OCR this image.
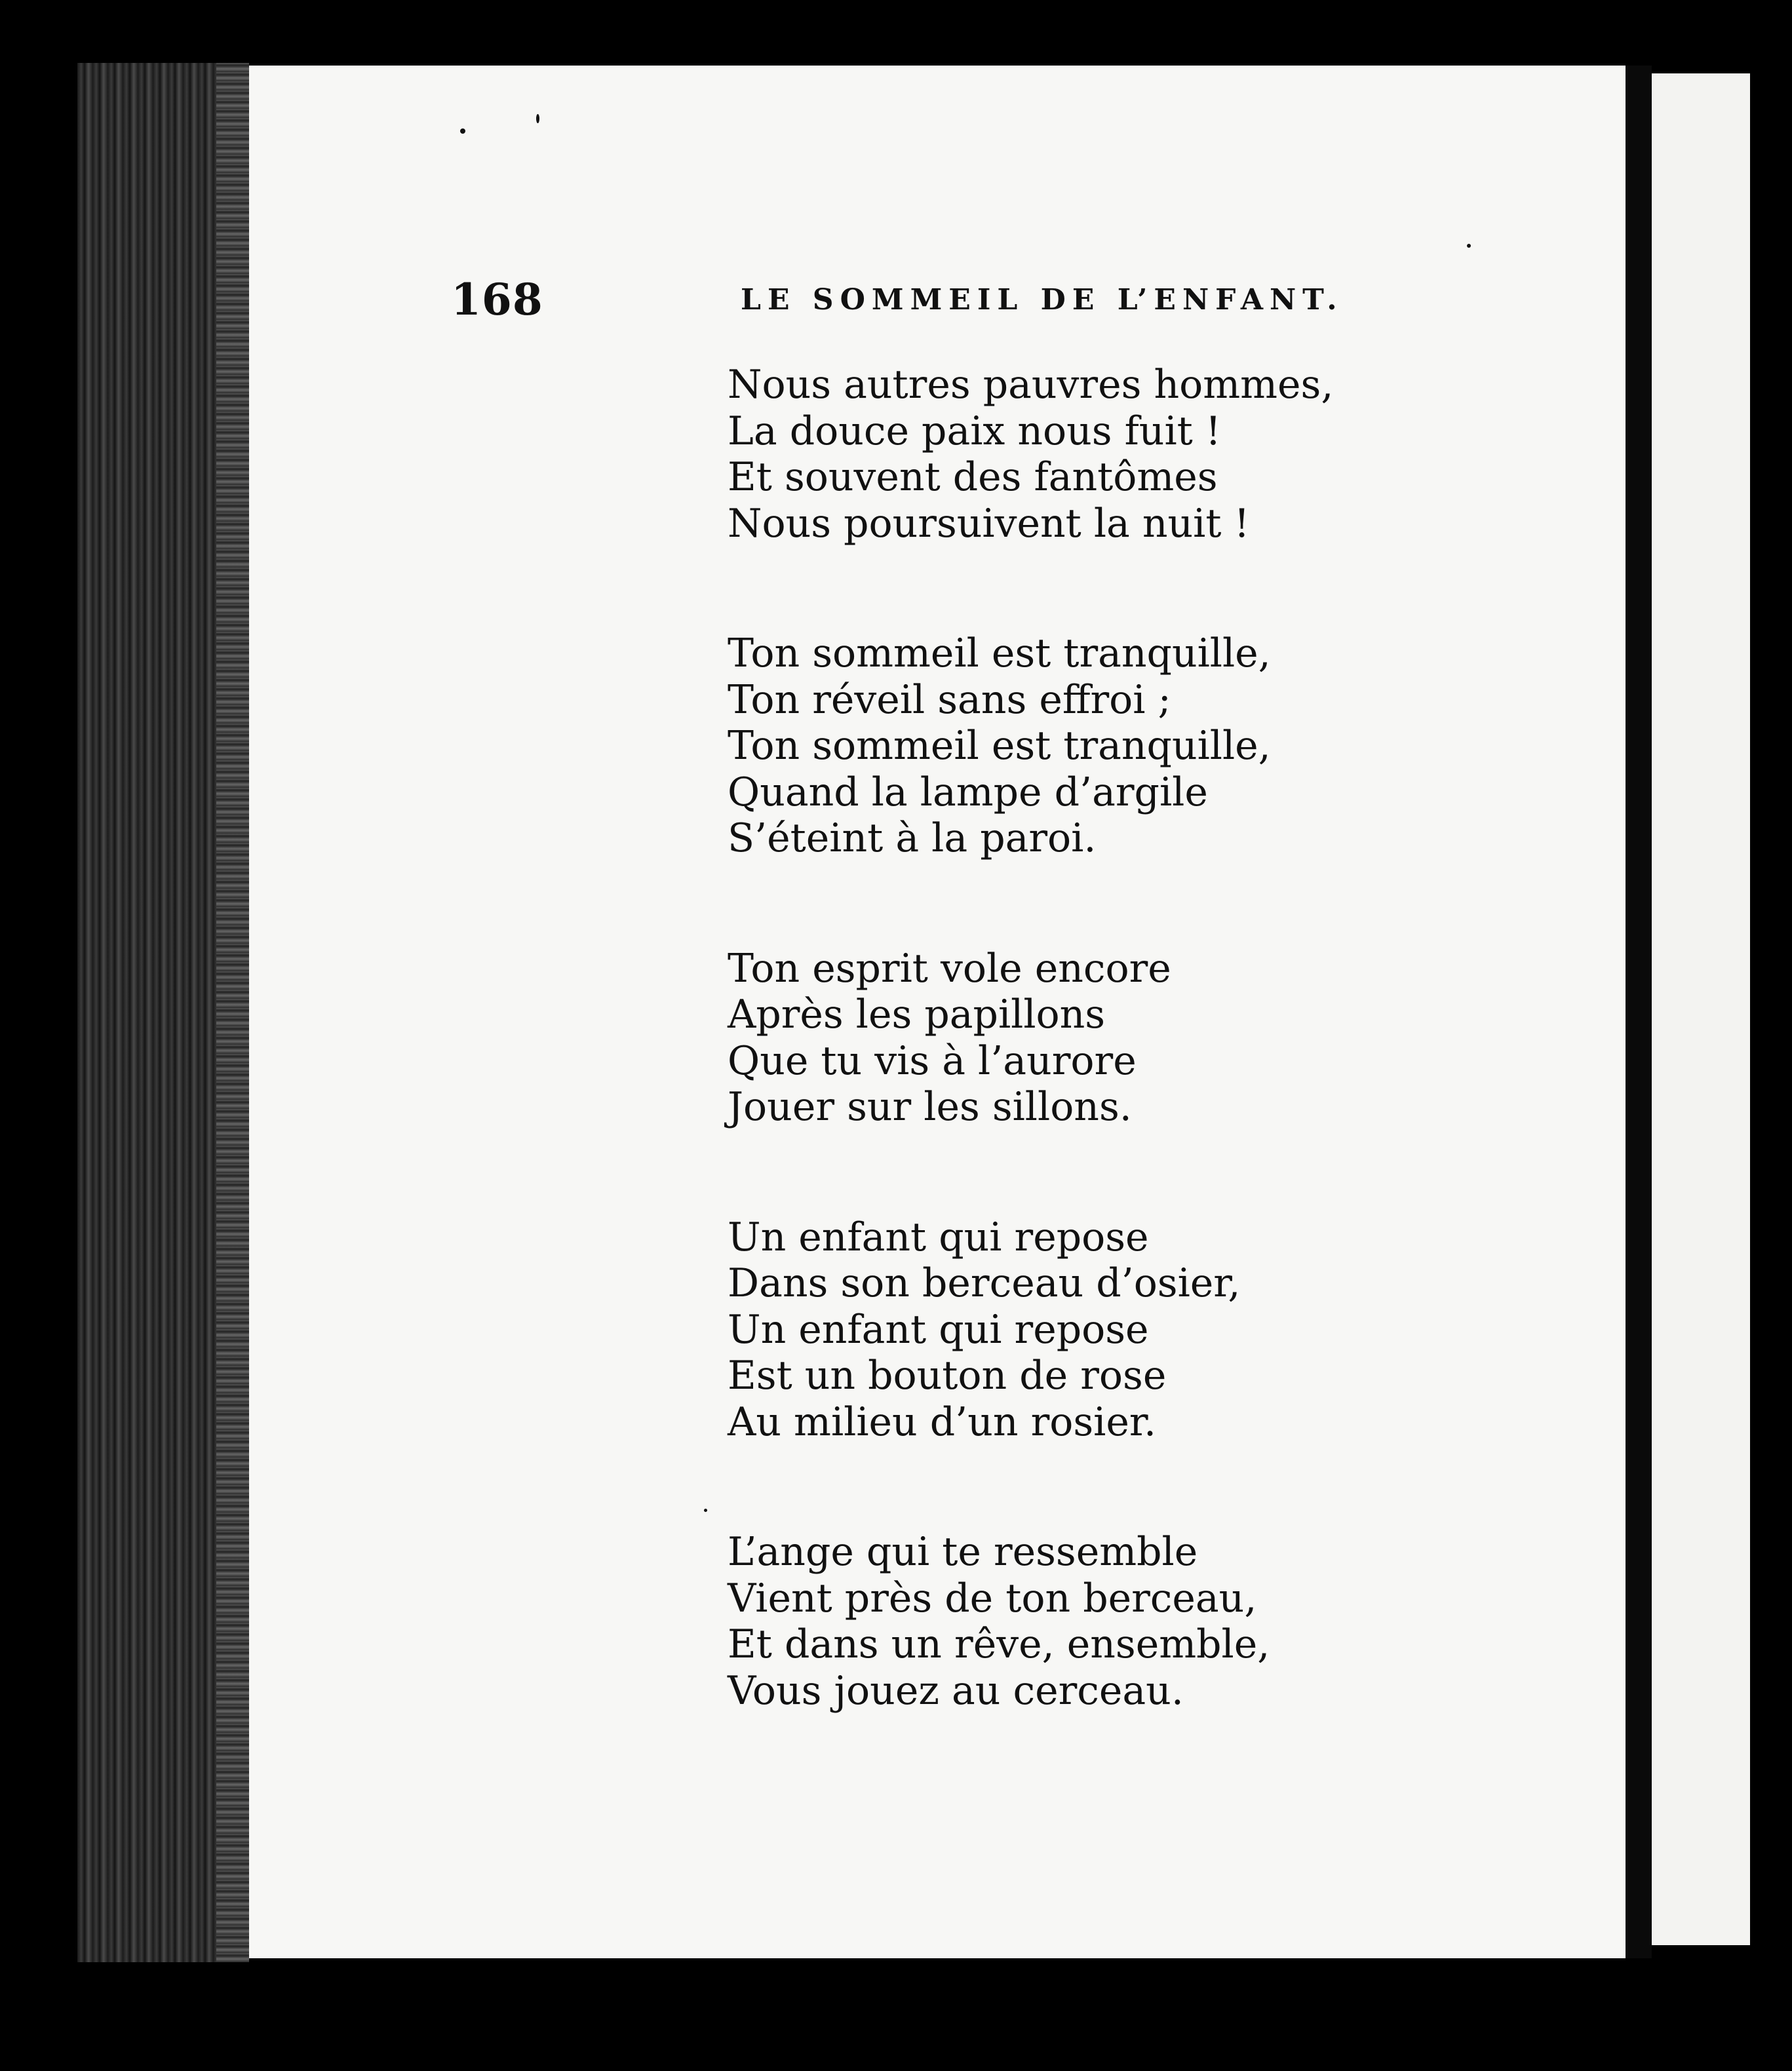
168	LE SOMMEIL DE L’ENFANT.
Nous autres pauvres hommes,
La douce paix nous fuit !
Et souvent des fantômes
Nous poursuivent la nuit !
Ton sommeil est tranquille,
Ton réveil sans effroi ;
Ton sommeil est tranquille,
Quand la lampe d’argile
S’éteint à la paroi.
Ton esprit vole encore
Après les papillons
Que tu vis à l’aurore
Jouer sur les sillons.
Un enfant qui repose
Dans son berceau d’osier,
Un enfant qui repose
Est un bouton de rose
Au milieu d’un rosier.
L’ange qui te ressemble
Vient près de ton berceau,
Et dans un rêve, ensemble,
Vous jouez au cerceau.
